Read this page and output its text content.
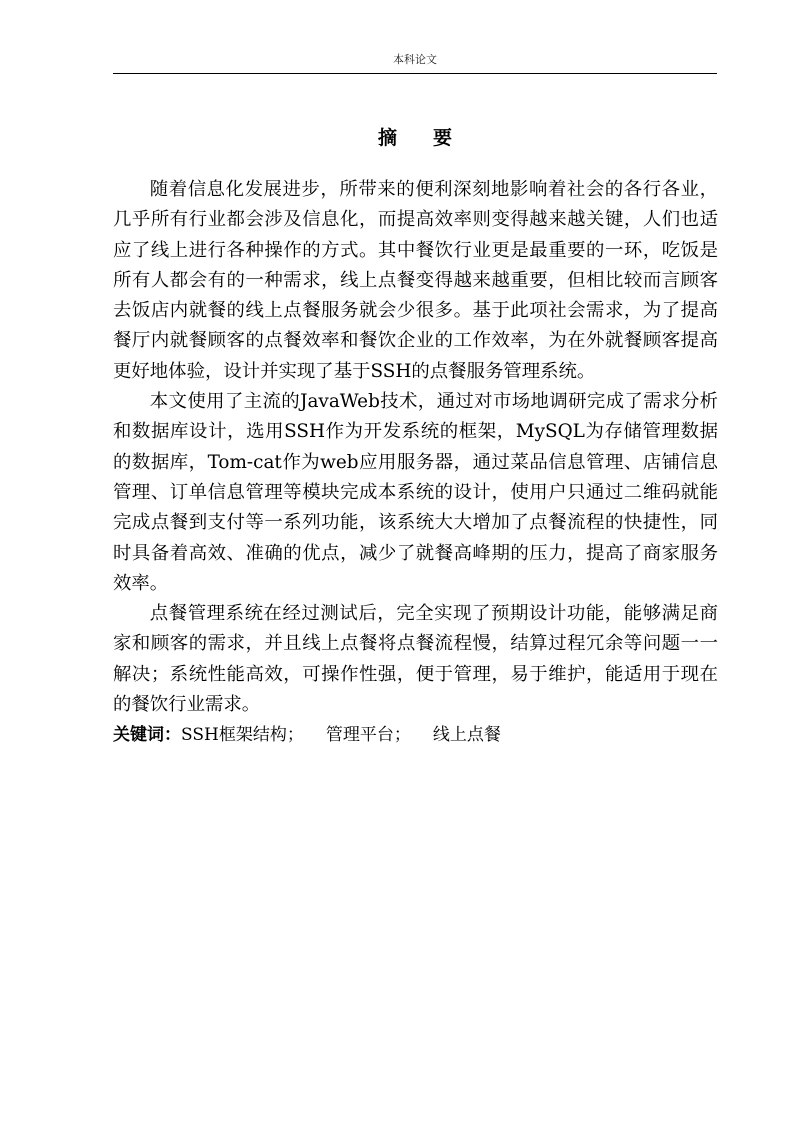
本科论文
摘要

随着信息化发展进步，所带来的便利深刻地影响着社会的各行各业，几乎所有行业都会涉及信息化，而提高效率则变得越来越关键，人们也适应了线上进行各种操作的方式。其中餐饮行业更是最重要的一环，吃饭是所有人都会有的一种需求，线上点餐变得越来越重要，但相比较而言顾客去饭店内就餐的线上点餐服务就会少很多。基于此项社会需求，为了提高餐厅内就餐顾客的点餐效率和餐饮企业的工作效率，为在外就餐顾客提高更好地体验，设计并实现了基于SSH的点餐服务管理系统。

本文使用了主流的JavaWeb技术，通过对市场地调研完成了需求分析和数据库设计，选用SSH作为开发系统的框架，MySQL为存储管理数据的数据库，Tom-cat作为web应用服务器，通过菜品信息管理、店铺信息管理、订单信息管理等模块完成本系统的设计，使用户只通过二维码就能完成点餐到支付等一系列功能，该系统大大增加了点餐流程的快捷性，同时具备着高效、准确的优点，减少了就餐高峰期的压力，提高了商家服务效率。

点餐管理系统在经过测试后，完全实现了预期设计功能，能够满足商家和顾客的需求，并且线上点餐将点餐流程慢，结算过程冗余等问题一一解决；系统性能高效，可操作性强，便于管理，易于维护，能适用于现在的餐饮行业需求。

关键词：SSH框架结构； 管理平台； 线上点餐
